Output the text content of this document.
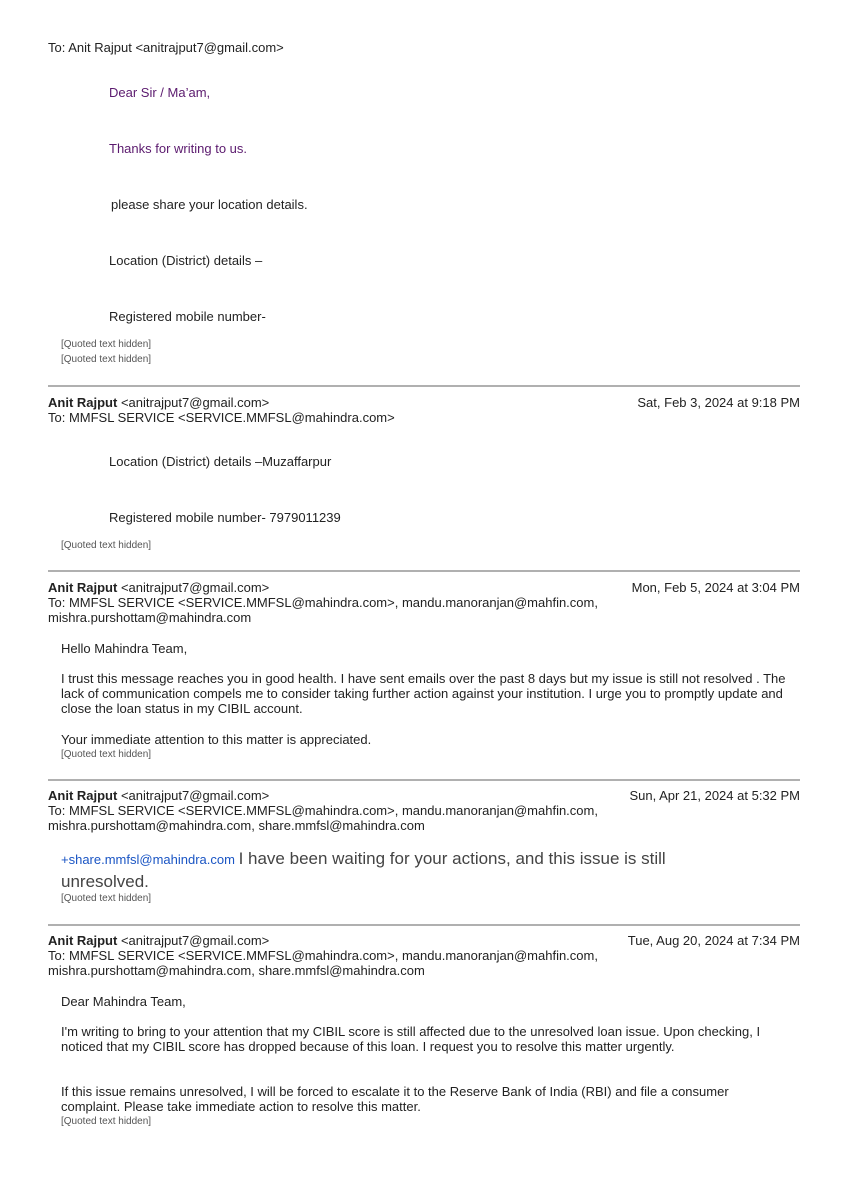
To: Anit Rajput <anitrajput7@gmail.com>
Dear Sir / Ma’am,
Thanks for writing to us.
please share your location details.
Location (District) details –
Registered mobile number-
[Quoted text hidden]
[Quoted text hidden]
Anit Rajput <anitrajput7@gmail.com>	Sat, Feb 3, 2024 at 9:18 PM
To: MMFSL SERVICE <SERVICE.MMFSL@mahindra.com>
Location (District) details –Muzaffarpur
Registered mobile number- 7979011239
[Quoted text hidden]
Anit Rajput <anitrajput7@gmail.com>	Mon, Feb 5, 2024 at 3:04 PM
To: MMFSL SERVICE <SERVICE.MMFSL@mahindra.com>, mandu.manoranjan@mahfin.com,
mishra.purshottam@mahindra.com
Hello Mahindra Team,
I trust this message reaches you in good health. I have sent emails over the past 8 days but my issue is still not resolved . The lack of communication compels me to consider taking further action against your institution. I urge you to promptly update and close the loan status in my CIBIL account.
Your immediate attention to this matter is appreciated.
[Quoted text hidden]
Anit Rajput <anitrajput7@gmail.com>	Sun, Apr 21, 2024 at 5:32 PM
To: MMFSL SERVICE <SERVICE.MMFSL@mahindra.com>, mandu.manoranjan@mahfin.com,
mishra.purshottam@mahindra.com, share.mmfsl@mahindra.com
+share.mmfsl@mahindra.com I have been waiting for your actions, and this issue is still unresolved.
[Quoted text hidden]
Anit Rajput <anitrajput7@gmail.com>	Tue, Aug 20, 2024 at 7:34 PM
To: MMFSL SERVICE <SERVICE.MMFSL@mahindra.com>, mandu.manoranjan@mahfin.com,
mishra.purshottam@mahindra.com, share.mmfsl@mahindra.com
Dear Mahindra Team,
I'm writing to bring to your attention that my CIBIL score is still affected due to the unresolved loan issue. Upon checking, I noticed that my CIBIL score has dropped because of this loan. I request you to resolve this matter urgently.
If this issue remains unresolved, I will be forced to escalate it to the Reserve Bank of India (RBI) and file a consumer complaint. Please take immediate action to resolve this matter.
[Quoted text hidden]
